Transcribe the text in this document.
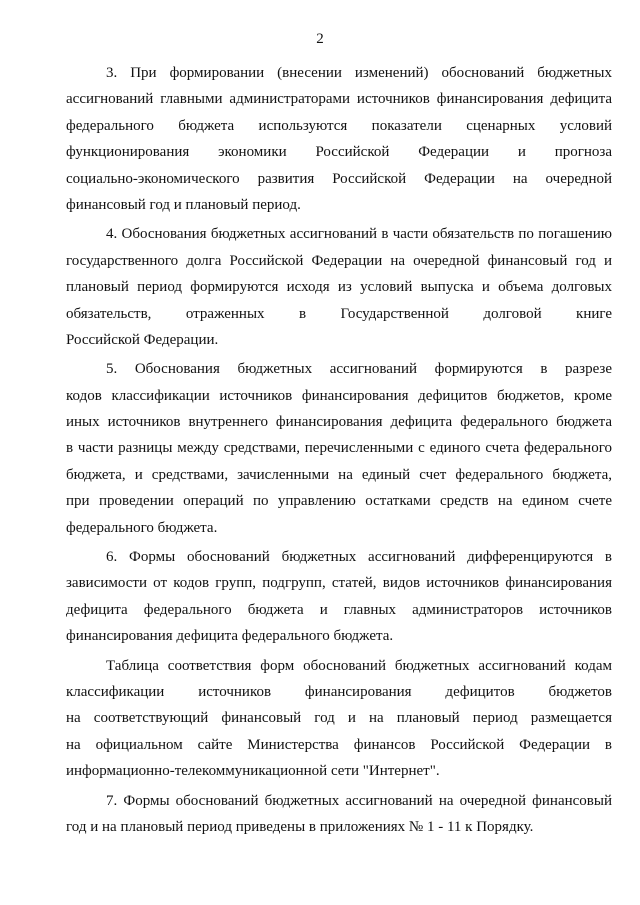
2
3. При формировании (внесении изменений) обоснований бюджетных
ассигнований главными администраторами источников финансирования дефицита
федерального бюджета используются показатели сценарных условий
функционирования экономики Российской Федерации и прогноза
социально-экономического развития Российской Федерации на очередной
финансовый год и плановый период.
4. Обоснования бюджетных ассигнований в части обязательств по погашению
государственного долга Российской Федерации на очередной финансовый год и
плановый период формируются исходя из условий выпуска и объема долговых
обязательств, отраженных в Государственной долговой книге
Российской Федерации.
5. Обоснования бюджетных ассигнований формируются в разрезе
кодов классификации источников финансирования дефицитов бюджетов, кроме
иных источников внутреннего финансирования дефицита федерального бюджета
в части разницы между средствами, перечисленными с единого счета федерального
бюджета, и средствами, зачисленными на единый счет федерального бюджета,
при проведении операций по управлению остатками средств на едином счете
федерального бюджета.
6. Формы обоснований бюджетных ассигнований дифференцируются в
зависимости от кодов групп, подгрупп, статей, видов источников финансирования
дефицита федерального бюджета и главных администраторов источников
финансирования дефицита федерального бюджета.
Таблица соответствия форм обоснований бюджетных ассигнований кодам
классификации источников финансирования дефицитов бюджетов
на соответствующий финансовый год и на плановый период размещается
на официальном сайте Министерства финансов Российской Федерации в
информационно-телекоммуникационной сети "Интернет".
7. Формы обоснований бюджетных ассигнований на очередной финансовый
год и на плановый период приведены в приложениях № 1 - 11 к Порядку.
